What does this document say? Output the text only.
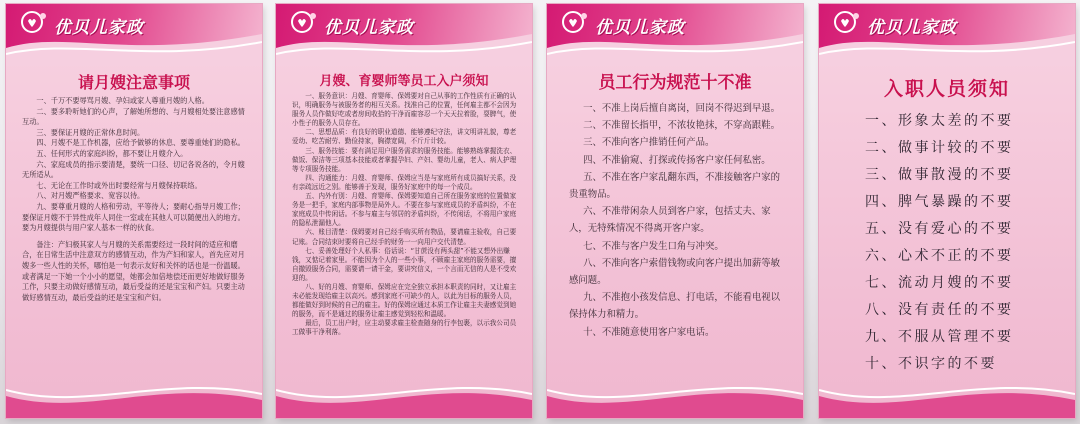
优贝儿家政
请月嫂注意事项
一、千万不要辱骂月嫂、孕妇或家人尊重月嫂的人格。
二、要多聆听她们的心声，了解她所想的、与月嫂相处要注意感情互动。
三、要保证月嫂的正常休息时间。
四、月嫂不是工作机器，应给予做够的休息、要尊重她们的隐私。
五、任何形式的家庭纠纷，都不要让月嫂介入。
六、家庭成员的指示要清楚，要统一口径、切记各说各的，令月嫂无所适从。
七、无论在工作时或外出时要经常与月嫂保持联络。
八、对月嫂严格要求、宽容以待。
九、要尊重月嫂的人格和劳动，平等待人；要耐心指导月嫂工作；要保证月嫂不于异性成年人同住一室或在其他人可以随便出入的地方。要为月嫂提供与用户家人基本一样的伙食。
备注：产妇极其家人与月嫂的关系需要经过一段时间的适应和磨合，在日常生活中注意双方的感情互动，作为产妇和家人，首先应对月嫂多一些人性的关怀，哪怕是一句表示友好和关怀的话也是一份温暖。或者满足一下她一个小小的愿望，她都会加倍地偿还而更好地做好服务工作，只要主动做好感情互动，最后受益的还是宝宝和产妇。只要主动做好感情互动，最后受益的还是宝宝和产妇。
优贝儿家政
月嫂、育婴师等员工入户须知
一、服务意识：月嫂、育婴师、保姆要对自己从事的工作性质有正确的认识，明确服务与被服务者的相互关系。找准自己的位置，任何雇主都不会因为服务人员作做好吃或者房间收拾的干净而雇容忍一个天天拉着脸，耍脾气，使小性子的服务人员存在。
二、思想品质：有良好的职业道德、能够遵纪守法，讲文明讲礼貌，尊老爱幼、吃苦耐劳、勤俭持家，胸襟宽阔，不斤斤计较。
三、服务技能：要有满足用户服务需求的服务技能。能够熟练掌握洗衣、做饭、保洁等三项基本技能或者掌握孕妇、产妇、婴幼儿童，老人、病人护理等专项服务技能。
四、沟通能力：月嫂、育婴师、保姆应当是与家庭所有成员搞好关系，没有亲疏远近之别。能够善于发现，服务好家庭中的每一个成员。
五、内外有别：月嫂、育婴师、保姆要知道自己所在服务家庭的位置做家务是一把手，家庭内部事物是局外人。不要在参与家庭成员的矛盾纠纷，不在家庭成员中传闲话。不参与雇主与邻居的矛盾纠纷，不传闲话，不将用户家庭的隐私泄漏他人。
六、账目清楚：保姆要对自己经手购买所有物品，要请雇主验收，自己要记账。合同结束时要将自己经手的财务一一向用户交代清楚。
七、妥善处理好个人私事：俗话说：“甘蔗没有两头甜”不能又想外出赚钱，又惦记着家里。不能因为个人的一些小事，不顾雇主家庭的服务需要，擅自撤毁服务合同，需要请一请干金，要讲究信义，一个言而无信的人是不受欢迎的。
八、好的月嫂、育婴师、保姆应在完全独立承担本职责的同时，又让雇主未必能发现给雇主以高兴。感到家庭不可缺少的人，以此为目标的服务人员，都能做好到时候的自己的雇主。好的保姆应通过本质工作让雇主夫妻感觉到她的服务，而不是通过的服务让雇主感觉到轻松和温暖。
最后，员工出户时，应主动要求雇主检查随身的行李包裹，以示我公司员工做事干净利落。
优贝儿家政
员工行为规范十不准
一、不准上岗后擅自离岗，回岗不得迟到早退。
二、不准留长指甲，不浓妆艳抹，不穿高跟鞋。
三、不准向客户推销任何产品。
四、不准偷窥、打探或传扬客户家任何私密。
五、不准在客户家乱翻东西，不准接触客户家的贵重物品。
六、不准带闲杂人员到客户家，包括丈夫、家人，无特殊情况不得离开客户家。
七、不准与客户发生口角与冲突。
八、不准向客户索借钱物或向客户提出加薪等敏感问题。
九、不准抱小孩发信息、打电话，不能看电视以保持体力和精力。
十、不准随意使用客户家电话。
优贝儿家政
入职人员须知
一、形象太差的不要
二、做事计较的不要
三、做事散漫的不要
四、脾气暴躁的不要
五、没有爱心的不要
六、心术不正的不要
七、流动月嫂的不要
八、没有责任的不要
九、不服从管理不要
十、不识字的不要
